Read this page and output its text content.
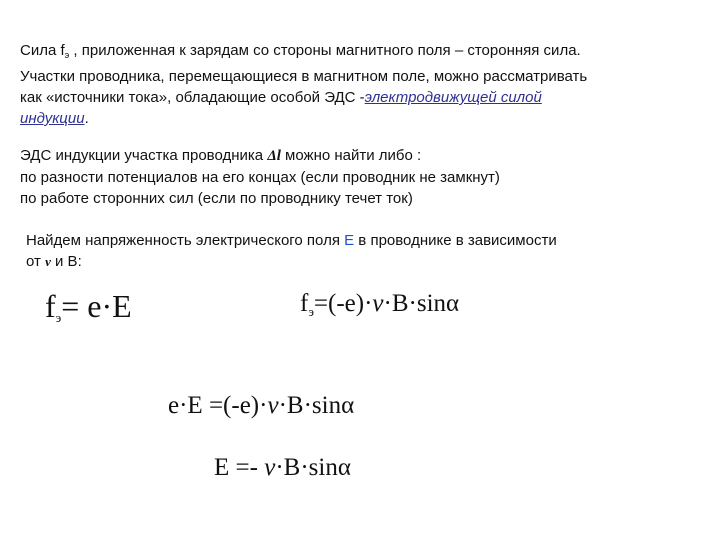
Сила $f_э$ , приложенная к зарядам со стороны магнитного поля – сторонняя сила.

Участки проводника, перемещающиеся в магнитном поле, можно рассматривать

как «источники тока», обладающие особой ЭДС -электродвижущей силой

индукции.

ЭДС индукции участка проводника Δl можно найти либо :

по разности потенциалов на его концах (если проводник не замкнут)

по работе сторонних сил (если по проводнику течет ток)

Найдем напряженность электрического поля E в проводнике в зависимости

от v и B:

fэ= e·E	$f_э=(-e)\cdot v\cdot B\cdot\sin\alpha$
e·E =(-e)·v·B·sinα
E =- v·B·sinα
